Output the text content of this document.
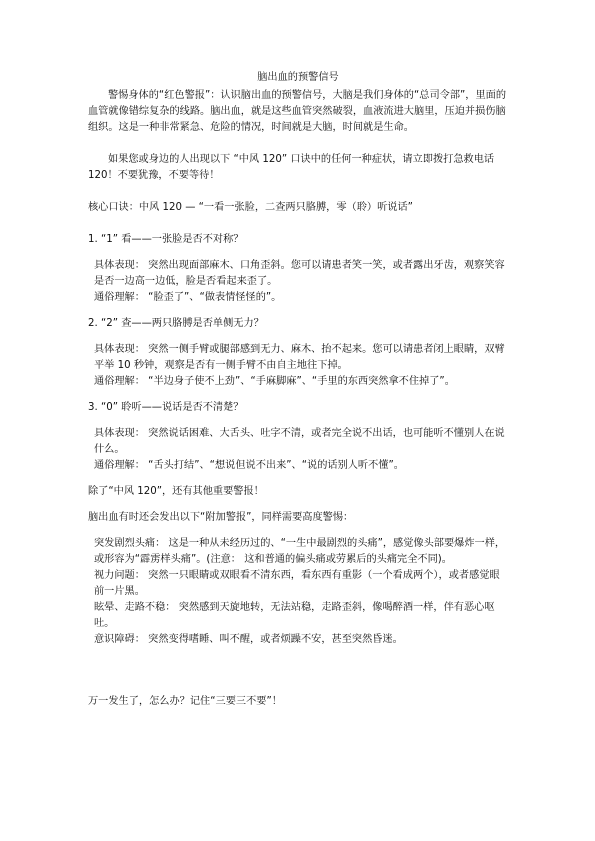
脑出血的预警信号

警惕身体的“红色警报”：认识脑出血的预警信号，大脑是我们身体的“总司令部”，里面的血管就像错综复杂的线路。脑出血，就是这些血管突然破裂，血液流进大脑里，压迫并损伤脑组织。这是一种非常紧急、危险的情况，时间就是大脑，时间就是生命。

如果您或身边的人出现以下 “中风 120” 口诀中的任何一种症状，请立即拨打急救电话 120！不要犹豫，不要等待！

核心口诀：中风 120 — “一看一张脸，二查两只胳膊，零（聆）听说话”

1. “1” 看——一张脸是否不对称？

具体表现： 突然出现面部麻木、口角歪斜。您可以请患者笑一笑，或者露出牙齿，观察笑容是否一边高一边低，脸是否看起来歪了。

通俗理解： “脸歪了”、“做表情怪怪的”。

2. “2” 查——两只胳膊是否单侧无力？

具体表现： 突然一侧手臂或腿部感到无力、麻木、抬不起来。您可以请患者闭上眼睛，双臂平举 10 秒钟，观察是否有一侧手臂不由自主地往下掉。

通俗理解： “半边身子使不上劲”、“手麻脚麻”、“手里的东西突然拿不住掉了”。

3. “0” 聆听——说话是否不清楚？

具体表现： 突然说话困难、大舌头、吐字不清，或者完全说不出话，也可能听不懂别人在说什么。

通俗理解： “舌头打结”、“想说但说不出来”、“说的话别人听不懂”。

除了“中风 120”，还有其他重要警报！

脑出血有时还会发出以下“附加警报”，同样需要高度警惕：

突发剧烈头痛： 这是一种从未经历过的、“一生中最剧烈的头痛”，感觉像头部要爆炸一样，或形容为“霹雳样头痛”。(注意： 这和普通的偏头痛或劳累后的头痛完全不同)。

视力问题： 突然一只眼睛或双眼看不清东西，看东西有重影（一个看成两个），或者感觉眼前一片黑。

眩晕、走路不稳： 突然感到天旋地转，无法站稳，走路歪斜，像喝醉酒一样，伴有恶心呕吐。

意识障碍： 突然变得嗜睡、叫不醒，或者烦躁不安，甚至突然昏迷。

万一发生了，怎么办？记住“三要三不要”！
